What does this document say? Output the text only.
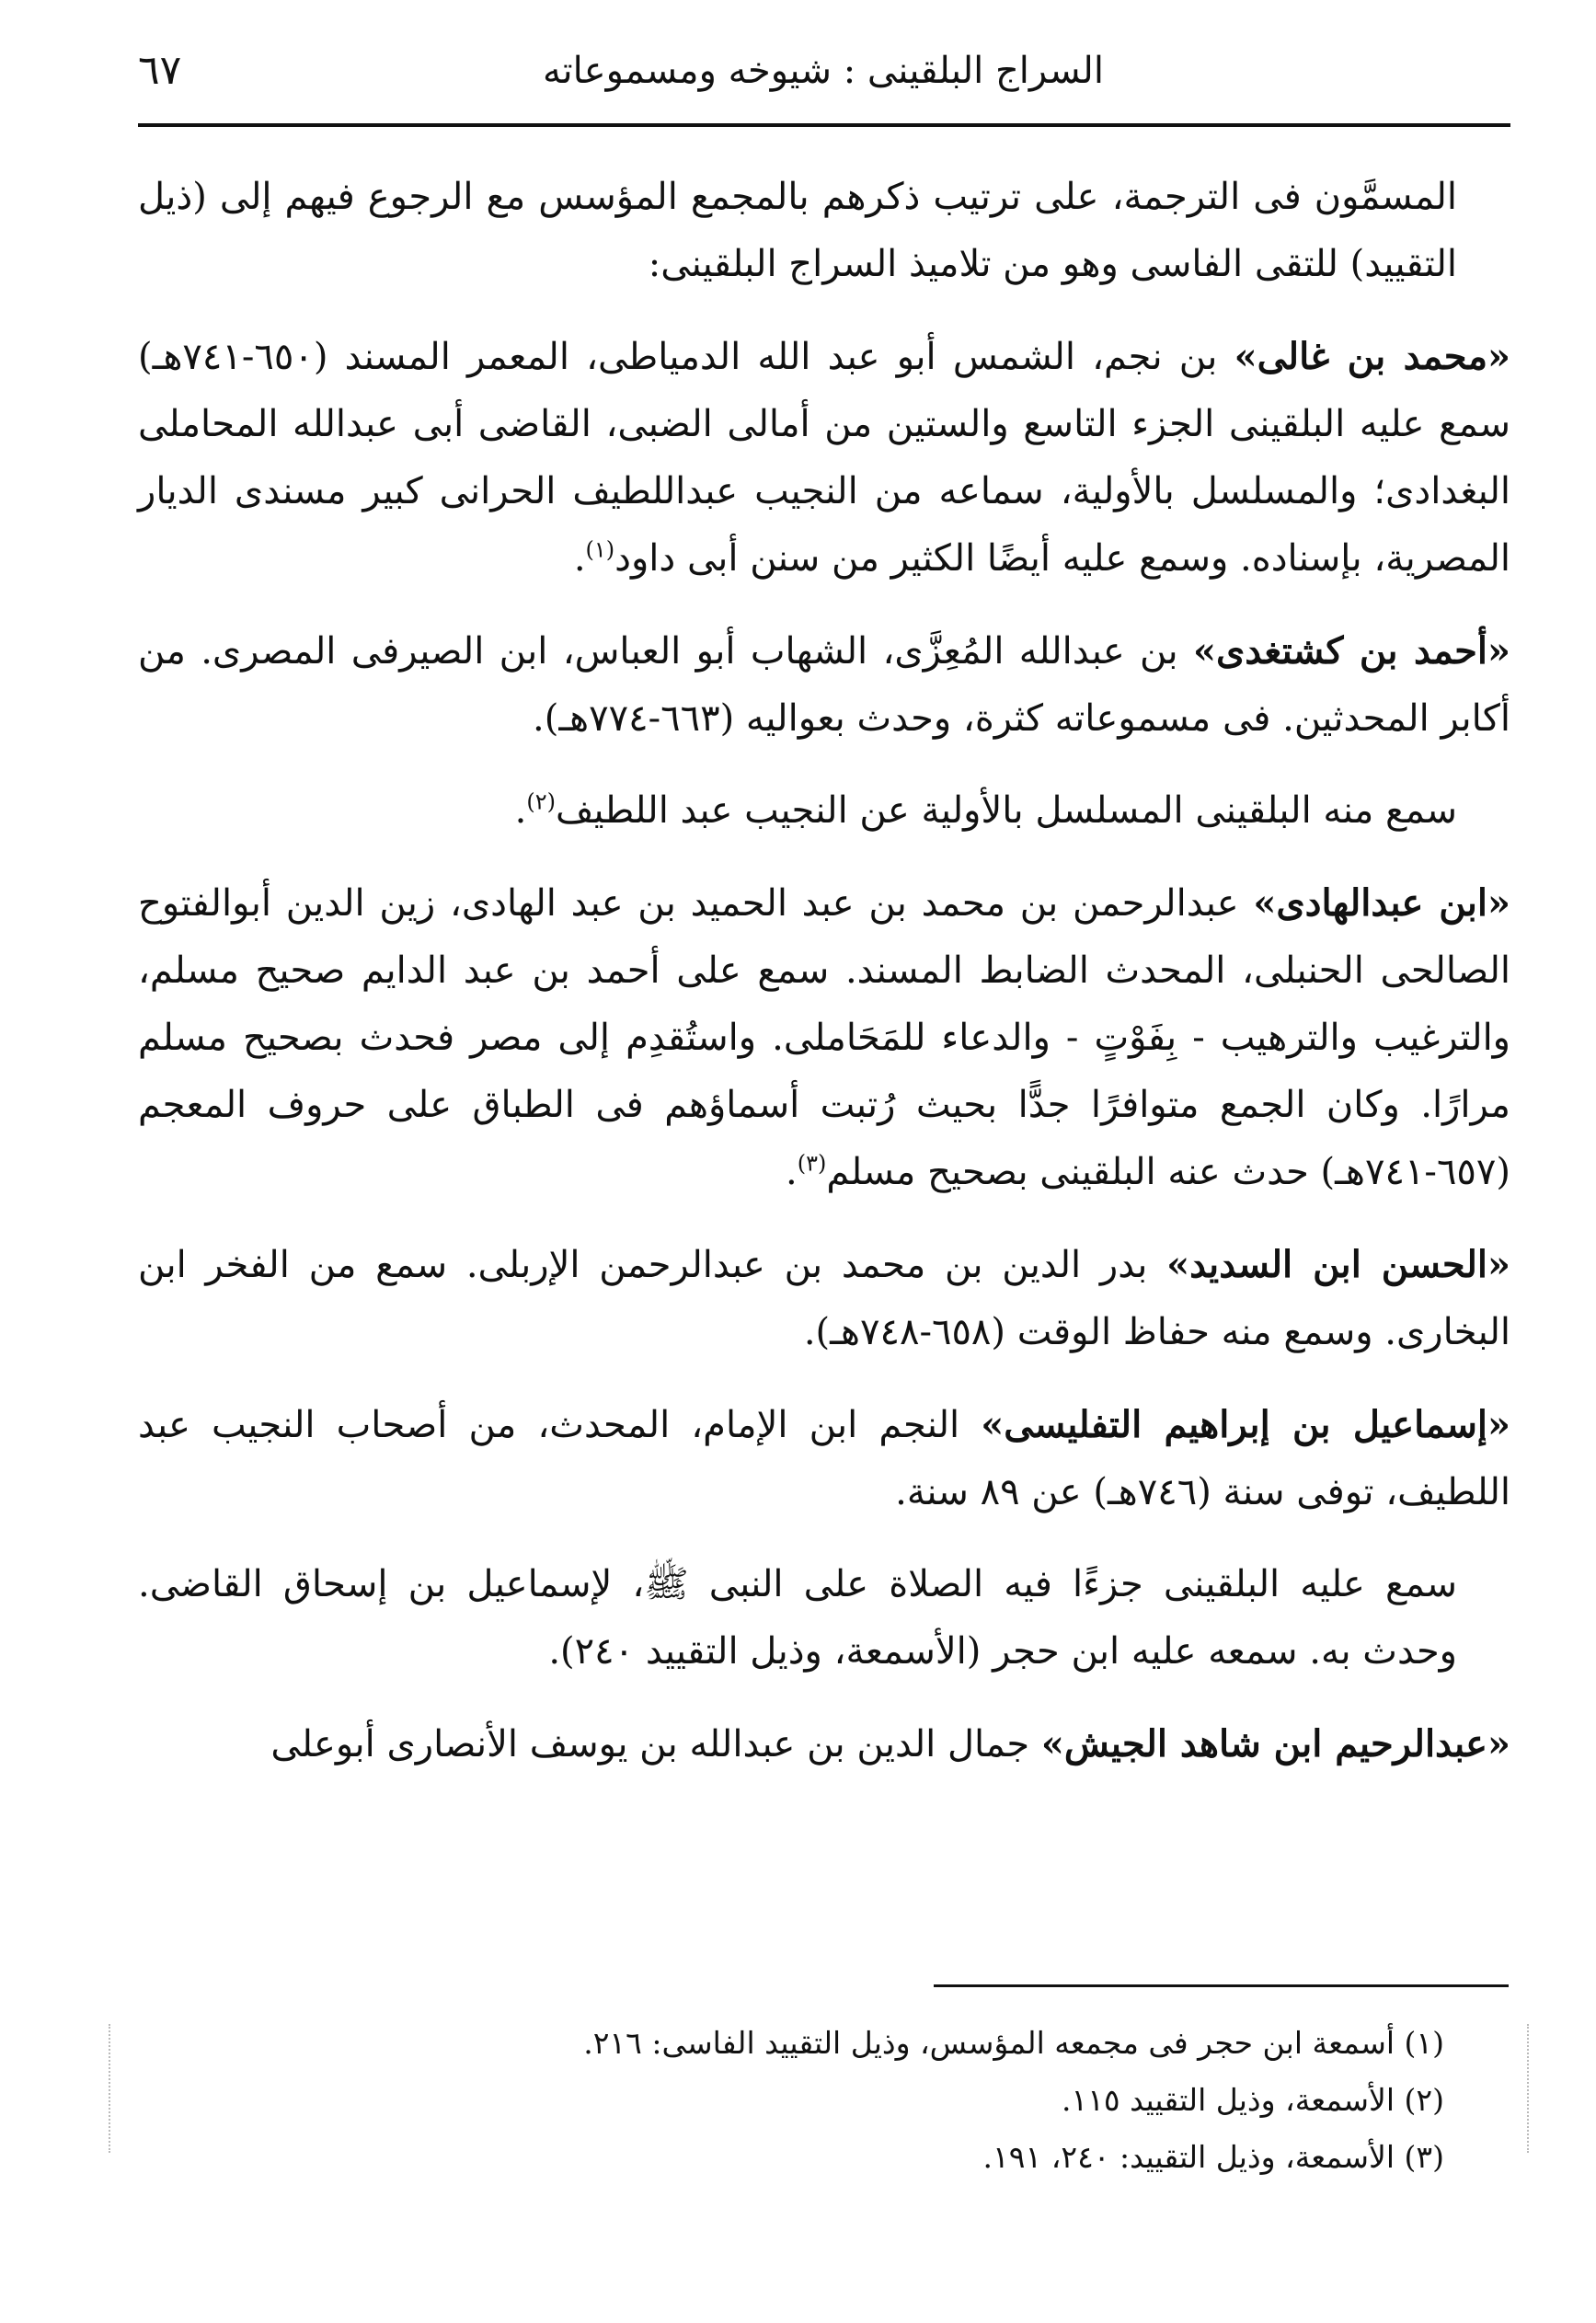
٦٧	السراج البلقينى : شيوخه ومسموعاته

المسمَّون فى الترجمة، على ترتيب ذكرهم بالمجمع المؤسس مع الرجوع فيهم إلى (ذيل التقييد) للتقى الفاسى وهو من تلاميذ السراج البلقينى:

«محمد بن غالى» بن نجم، الشمس أبو عبد الله الدمياطى، المعمر المسند (٦٥٠-٧٤١هـ) سمع عليه البلقينى الجزء التاسع والستين من أمالى الضبى، القاضى أبى عبدالله المحاملى البغدادى؛ والمسلسل بالأولية، سماعه من النجيب عبداللطيف الحرانى كبير مسندى الديار المصرية، بإسناده. وسمع عليه أيضًا الكثير من سنن أبى داود$^{(١)}$.

«أحمد بن كشتغدى» بن عبدالله المُعِزَّى، الشهاب أبو العباس، ابن الصيرفى المصرى. من أكابر المحدثين. فى مسموعاته كثرة، وحدث بعواليه (٦٦٣-٧٧٤هـ).

سمع منه البلقينى المسلسل بالأولية عن النجيب عبد اللطيف$^{(٢)}$.

«ابن عبدالهادى» عبدالرحمن بن محمد بن عبد الحميد بن عبد الهادى، زين الدين أبوالفتوح الصالحى الحنبلى، المحدث الضابط المسند. سمع على أحمد بن عبد الدايم صحيح مسلم، والترغيب والترهيب - بِفَوْتٍ - والدعاء للمَحَاملى. واستُقدِم إلى مصر فحدث بصحيح مسلم مرارًا. وكان الجمع متوافرًا جدًّا بحيث رُتبت أسماؤهم فى الطباق على حروف المعجم (٦٥٧-٧٤١هـ) حدث عنه البلقينى بصحيح مسلم$^{(٣)}$.

«الحسن ابن السديد» بدر الدين بن محمد بن عبدالرحمن الإربلى. سمع من الفخر ابن البخارى. وسمع منه حفاظ الوقت (٦٥٨-٧٤٨هـ).

«إسماعيل بن إبراهيم التفليسى» النجم ابن الإمام، المحدث، من أصحاب النجيب عبد اللطيف، توفى سنة (٧٤٦هـ) عن ٨٩ سنة.

سمع عليه البلقينى جزءًا فيه الصلاة على النبى ﷺ، لإسماعيل بن إسحاق القاضى. وحدث به. سمعه عليه ابن حجر (الأسمعة، وذيل التقييد ٢٤٠).

«عبدالرحيم ابن شاهد الجيش» جمال الدين بن عبدالله بن يوسف الأنصارى أبوعلى

(١) أسمعة ابن حجر فى مجمعه المؤسس، وذيل التقييد الفاسى: ٢١٦.

(٢) الأسمعة، وذيل التقييد ١١٥.

(٣) الأسمعة، وذيل التقييد: ٢٤٠، ١٩١.
